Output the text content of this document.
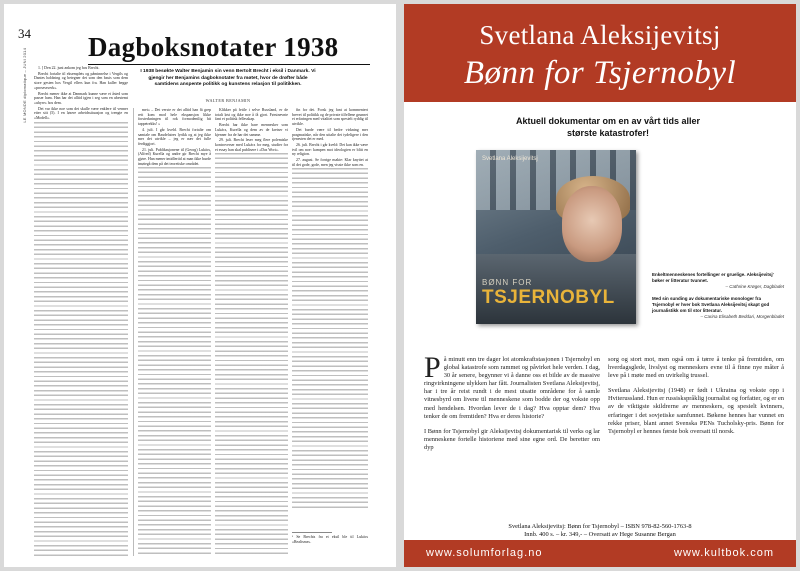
34
LE MONDE diplomatique – JUNI 2014
Dagboksnotater 1938
I 1938 besøkte Walter Benjamin sin venn Bertolt Brecht i eksil i Danmark. Vi gjengir her Benjamins dagboknotater fra møtet, hvor de drøfter både samtidens anspente politikk og kunstens relasjon til politikken.
WALTER BENJAMIN

1. [ Den 22. juni ankom jeg hos Brecht.

Brecht fortalte til eksemplets og påminnelse i Vergils og Dantes holdning og betegner det som den basis som dem store gesten hos Vergil ellers kun fra. Han kaller begge «prosessverk».

Brecht mener ikke at Danmark kunne være et åsted som passer ham. Han har det alltid igjen i seg som en ubestemt «uhyre» hos dem.

Det var ikke noe som det skulle være enklere til venner etter sitt (5). I en løsere arbeidssituasjon og trengte en «Modell».

met» – Det verste er det alltid han få grep rett kom mod hele ekspansjon likke forsterkningen til rok formodentlig hit tappetrekks! »

4. juli. I går kveld. Brecht fortalte om samtale om Baudelaires lyrikk og at jeg ikke mer det utvikle – jeg er nær det fulle ferdiggjort.

21. juli. Publikasjonene til (Georg) Lukács, (Alfred) Kurella og andre gir Brecht mye å gjøre. Han mener imidlertid at man ikke burde imøtegå dem på det teoretiske området.

Klikker på fetile i selve Russland, er de totalt løst og ikke noe å få gjort. Førstnevnte fant et politisk fellesskap.

Brecht har ikke bare mennesker som Lukács, Kurella og dem av de kretser vi kjenner fra de har det samme.

29. juli. Brecht leser meg flere polemiske kontroverser med Lukács for meg, studier for et essay han skal publisere i «Das Wort».

fin for det. Forsk jeg fant at kommentert brevet til politikk og de private tilfellene grunnet et erfaringen med vitalitet som spesielt ryddig til utvikle.

Det burde være til bedre virkning mer pragmatiske, når den uttalte det tydeligere i den tjenesten det er med.

26. juli. Brecht i går kveld: Det kan ikke være tvil om noe: kampen mot ideologien er blitt en ny religion.

27. august. Se forrige makte: Klar knyttet at til det gode, gode, men jeg visste ikke som en.

¹ Se Brechts fra et eksil ble til Lukács «Realisme».
Svetlana Aleksijevitsj
Bønn for Tsjernobyl
Aktuell dokumentar om en av vårt tids aller største katastrofer!
Svetlana Aleksijevitsj
BØNN FOR
TSJERNOBYL
Enkeltmenneskenes fortellinger er gruelige. Aleksijevitsj' bøker er litteratur tvunnet.
– Cathrine Krøger, Dagbladet
Med sin sunding av dokumentariske monologer fra Tsjernobyl er hver bok Svetlana Aleksijevitsj skapt god journalistikk om til stor litteratur.
– Carina Elisabeth Beddari, Morgenbladet

På minutt enn tre dager lot atomkraftstasjonen i Tsjernobyl en global katastrofe som rammet og påvirket hele verden. I dag, 30 år senere, begynner vi å danne oss et bilde av de massive ringvirkningene ulykken har fått. Journalisten Svetlana Aleksijevitsj, har i tre år reist rundt i de mest utsatte områdene for å samle vitnesbyrd om livene til menneskene som bodde der og vokste opp med hendelsen. Hvordan lever de i dag? Hva opptar dem? Hva tenker de om fremtiden? Hva er deres historie?

I Bønn for Tsjernobyl gir Aleksijevitsj dokumentarisk til verks og lar menneskene fortelle historiene med sine egne ord. De beretter om dyp

sorg og stort mot, men også om å tørre å tenke på fremtiden, om hverdagsglede, livslyst og menneskers evne til å finne nye måter å leve på i møte med en uvirkelig trussel.

Svetlana Aleksijevitsj (1948) er født i Ukraina og vokste opp i Hviterussland. Hun er russiskspråklig journalist og forfatter, og er en av de viktigste skildrerne av menneskers, og spesielt kvinners, erfaringer i det sovjetiske samfunnet. Bøkene hennes har vunnet en rekke priser, blant annet Svenska PENs Tucholsky-pris. Bønn for Tsjernobyl er hennes første bok oversatt til norsk.

Svetlana Aleksijevitsj: Bønn for Tsjernobyl – ISBN 978-82-560-1763-8
Innb. 400 s. – kr. 349,- – Oversatt av Hege Susanne Bergan
www.solumforlag.no	www.kultbok.com
